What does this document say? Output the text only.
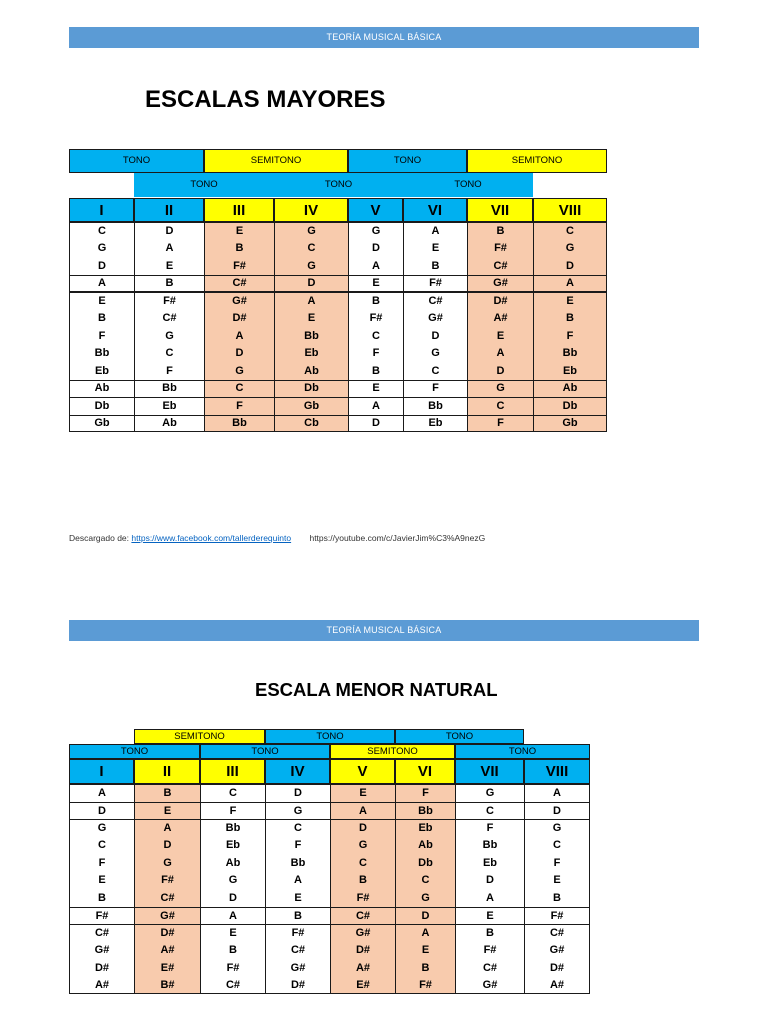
TEORÍA MUSICAL BÁSICA
ESCALAS MAYORES
TONO	SEMITONO	TONO	SEMITONO
TONO	TONO	TONO
I	II	III	IV	V	VI	VII	VIII
C	D	E	G	G	A	B	C
G	A	B	C	D	E	F#	G
D	E	F#	G	A	B	C#	D
A	B	C#	D	E	F#	G#	A
E	F#	G#	A	B	C#	D#	E
B	C#	D#	E	F#	G#	A#	B
F	G	A	Bb	C	D	E	F
Bb	C	D	Eb	F	G	A	Bb
Eb	F	G	Ab	B	C	D	Eb
Ab	Bb	C	Db	E	F	G	Ab
Db	Eb	F	Gb	A	Bb	C	Db
Gb	Ab	Bb	Cb	D	Eb	F	Gb
Descargado de: https://www.facebook.com/tallerderequinto https://youtube.com/c/JavierJim%C3%A9nezG
TEORÍA MUSICAL BÁSICA
ESCALA MENOR NATURAL
SEMITONO	TONO	TONO
TONO	TONO	SEMITONO	TONO
I	II	III	IV	V	VI	VII	VIII
A	B	C	D	E	F	G	A
D	E	F	G	A	Bb	C	D
G	A	Bb	C	D	Eb	F	G
C	D	Eb	F	G	Ab	Bb	C
F	G	Ab	Bb	C	Db	Eb	F
E	F#	G	A	B	C	D	E
B	C#	D	E	F#	G	A	B
F#	G#	A	B	C#	D	E	F#
C#	D#	E	F#	G#	A	B	C#
G#	A#	B	C#	D#	E	F#	G#
D#	E#	F#	G#	A#	B	C#	D#
A#	B#	C#	D#	E#	F#	G#	A#
